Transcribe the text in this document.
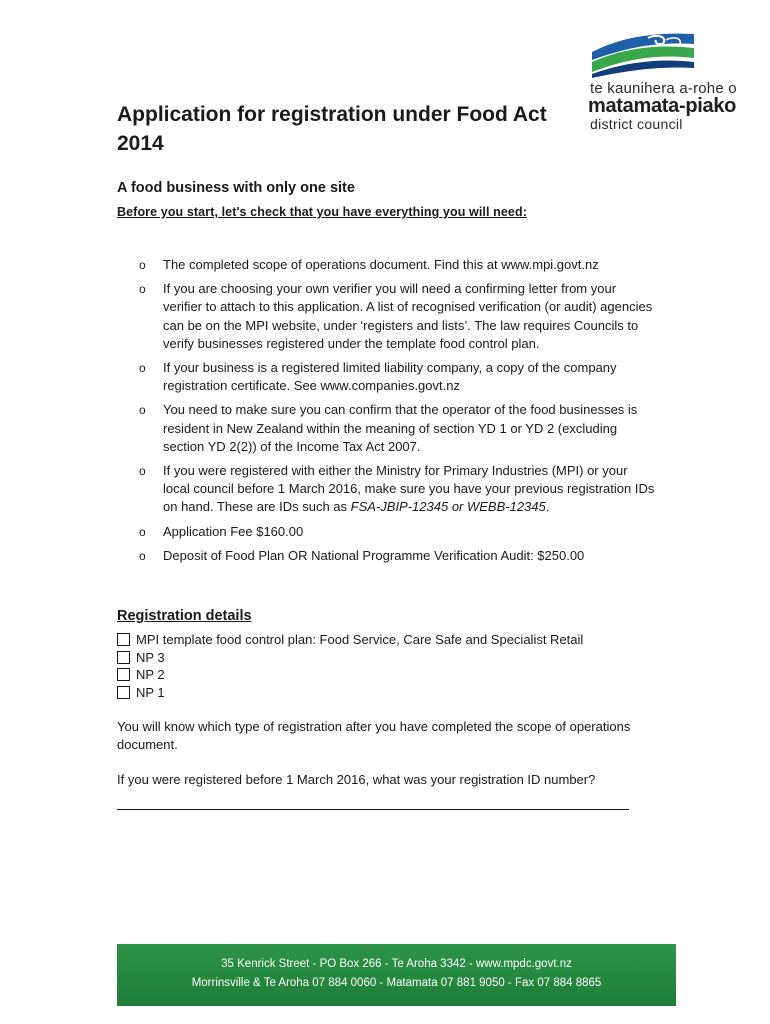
te kaunihera a-rohe o
matamata-piako
district council
Application for registration under Food Act 2014
A food business with only one site

Before you start, let's check that you have everything you will need:

o The completed scope of operations document. Find this at www.mpi.govt.nz
o If you are choosing your own verifier you will need a confirming letter from your verifier to attach to this application. A list of recognised verification (or audit) agencies can be on the MPI website, under ‘registers and lists’. The law requires Councils to verify businesses registered under the template food control plan.
o If your business is a registered limited liability company, a copy of the company registration certificate. See www.companies.govt.nz
o You need to make sure you can confirm that the operator of the food businesses is resident in New Zealand within the meaning of section YD 1 or YD 2 (excluding section YD 2(2)) of the Income Tax Act 2007.
o If you were registered with either the Ministry for Primary Industries (MPI) or your local council before 1 March 2016, make sure you have your previous registration IDs on hand. These are IDs such as FSA-JBIP-12345 or WEBB-12345.
o Application Fee $160.00
o Deposit of Food Plan OR National Programme Verification Audit: $250.00
Registration details
MPI template food control plan: Food Service, Care Safe and Specialist Retail
NP 3
NP 2
NP 1

You will know which type of registration after you have completed the scope of operations document.

If you were registered before 1 March 2016, what was your registration ID number?

35 Kenrick Street - PO Box 266 - Te Aroha 3342 - www.mpdc.govt.nz
Morrinsville & Te Aroha 07 884 0060 - Matamata 07 881 9050 - Fax 07 884 8865
